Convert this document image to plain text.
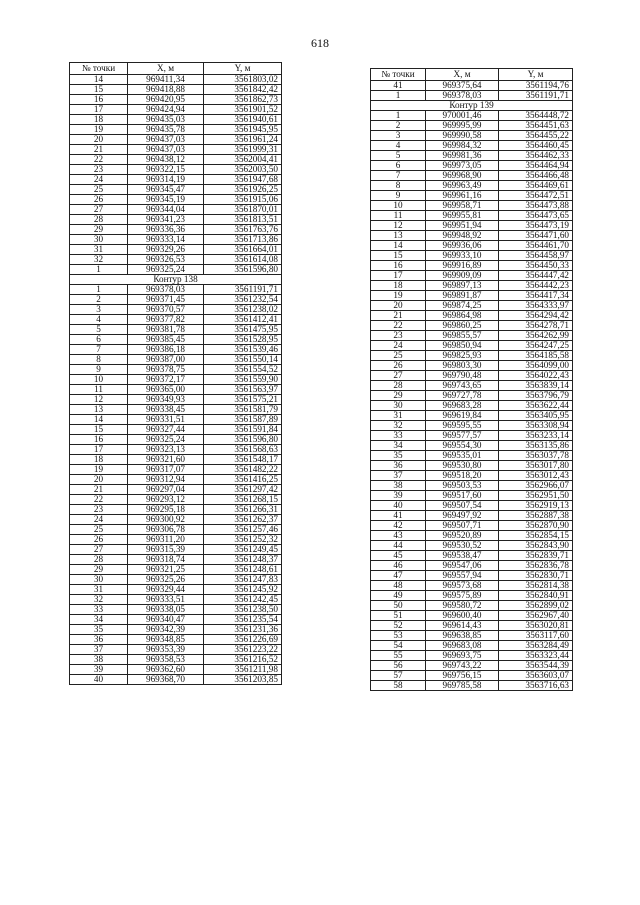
618
№ точки	X, м	Y, м
14	969411,34	3561803,02
15	969418,88	3561842,42
16	969420,95	3561862,73
17	969424,94	3561901,52
18	969435,03	3561940,61
19	969435,78	3561945,95
20	969437,03	3561961,24
21	969437,03	3561999,31
22	969438,12	3562004,41
23	969322,15	3562003,50
24	969314,19	3561947,68
25	969345,47	3561926,25
26	969345,19	3561915,06
27	969344,04	3561870,01
28	969341,23	3561813,51
29	969336,36	3561763,76
30	969333,14	3561713,86
31	969329,26	3561664,01
32	969326,53	3561614,08
1	969325,24	3561596,80
Контур 138		
1	969378,03	3561191,71
2	969371,45	3561232,54
3	969370,57	3561238,02
4	969377,82	3561412,41
5	969381,78	3561475,95
6	969385,45	3561528,95
7	969386,18	3561539,46
8	969387,00	3561550,14
9	969378,75	3561554,52
10	969372,17	3561559,90
11	969365,00	3561563,97
12	969349,93	3561575,21
13	969338,45	3561581,79
14	969331,51	3561587,89
15	969327,44	3561591,84
16	969325,24	3561596,80
17	969323,13	3561568,63
18	969321,60	3561548,17
19	969317,07	3561482,22
20	969312,94	3561416,25
21	969297,04	3561297,42
22	969293,12	3561268,15
23	969295,18	3561266,31
24	969300,92	3561262,37
25	969306,78	3561257,46
26	969311,20	3561252,32
27	969315,39	3561249,45
28	969318,74	3561248,37
29	969321,25	3561248,61
30	969325,26	3561247,83
31	969329,44	3561245,92
32	969333,51	3561242,45
33	969338,05	3561238,50
34	969340,47	3561235,54
35	969342,39	3561231,36
36	969348,85	3561226,69
37	969353,39	3561223,22
38	969358,53	3561216,52
39	969362,60	3561211,98
40	969368,70	3561203,85
№ точки	X, м	Y, м
41	969375,64	3561194,76
1	969378,03	3561191,71
Контур 139		
1	970001,46	3564448,72
2	969995,99	3564451,63
3	969990,58	3564455,22
4	969984,32	3564460,45
5	969981,36	3564462,33
6	969973,05	3564464,94
7	969968,90	3564466,48
8	969963,49	3564469,61
9	969961,16	3564472,51
10	969958,71	3564473,88
11	969955,81	3564473,65
12	969951,94	3564473,19
13	969948,92	3564471,60
14	969936,06	3564461,70
15	969933,10	3564458,97
16	969916,89	3564450,33
17	969909,09	3564447,42
18	969897,13	3564442,23
19	969891,87	3564417,34
20	969874,25	3564333,97
21	969864,98	3564294,42
22	969860,25	3564278,71
23	969855,57	3564262,99
24	969850,94	3564247,25
25	969825,93	3564185,58
26	969803,30	3564099,00
27	969790,48	3564022,43
28	969743,65	3563839,14
29	969727,78	3563796,79
30	969683,28	3563622,44
31	969619,84	3563405,95
32	969595,55	3563308,94
33	969577,57	3563233,14
34	969554,30	3563135,86
35	969535,01	3563037,78
36	969530,80	3563017,80
37	969518,20	3563012,43
38	969503,53	3562966,07
39	969517,60	3562951,50
40	969507,54	3562919,13
41	969497,92	3562887,38
42	969507,71	3562870,90
43	969520,89	3562854,15
44	969530,52	3562843,90
45	969538,47	3562839,71
46	969547,06	3562836,78
47	969557,94	3562830,71
48	969573,68	3562814,38
49	969575,89	3562840,91
50	969580,72	3562899,02
51	969600,40	3562967,40
52	969614,43	3563020,81
53	969638,85	3563117,60
54	969683,08	3563284,49
55	969693,75	3563323,44
56	969743,22	3563544,39
57	969756,15	3563603,07
58	969785,58	3563716,63
